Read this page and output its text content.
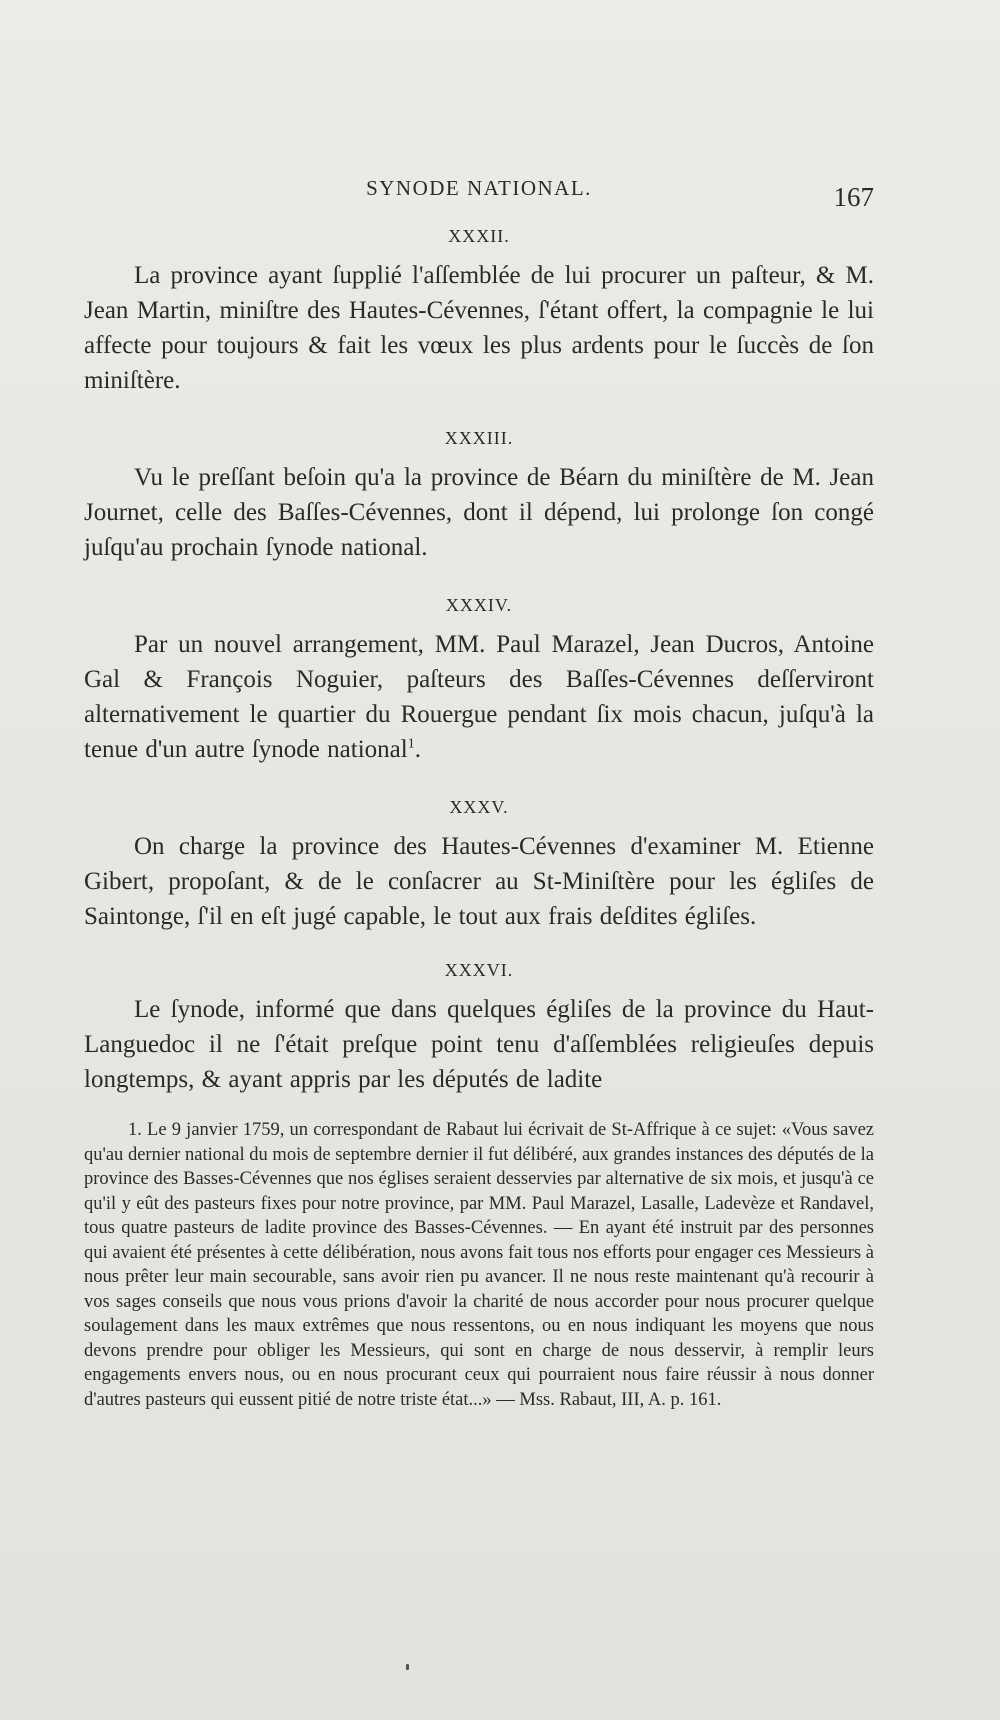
SYNODE NATIONAL.	167
XXXII.

La province ayant ſupplié l'aſſemblée de lui procurer un paſteur, & M. Jean Martin, miniſtre des Hautes-Cévennes, ſ'étant offert, la compagnie le lui affecte pour toujours & fait les vœux les plus ardents pour le ſuccès de ſon miniſtère.

XXXIII.

Vu le preſſant beſoin qu'a la province de Béarn du miniſtère de M. Jean Journet, celle des Baſſes-Cévennes, dont il dépend, lui prolonge ſon congé juſqu'au prochain ſynode national.

XXXIV.

Par un nouvel arrangement, MM. Paul Marazel, Jean Ducros, Antoine Gal & François Noguier, paſteurs des Baſſes-Cévennes deſſerviront alternativement le quartier du Rouergue pendant ſix mois chacun, juſqu'à la tenue d'un autre ſynode national$^1$.

XXXV.

On charge la province des Hautes-Cévennes d'examiner M. Etienne Gibert, propoſant, & de le conſacrer au St-Miniſtère pour les égliſes de Saintonge, ſ'il en eſt jugé capable, le tout aux frais deſdites égliſes.

XXXVI.

Le ſynode, informé que dans quelques égliſes de la province du Haut-Languedoc il ne ſ'était preſque point tenu d'aſſemblées religieuſes depuis longtemps, & ayant appris par les députés de ladite

1. Le 9 janvier 1759, un correspondant de Rabaut lui écrivait de St-Affrique à ce sujet: «Vous savez qu'au dernier national du mois de septembre dernier il fut délibéré, aux grandes instances des députés de la province des Basses-Cévennes que nos églises seraient desservies par alternative de six mois, et jusqu'à ce qu'il y eût des pasteurs fixes pour notre province, par MM. Paul Marazel, Lasalle, Ladevèze et Randavel, tous quatre pasteurs de ladite province des Basses-Cévennes. — En ayant été instruit par des personnes qui avaient été présentes à cette délibération, nous avons fait tous nos efforts pour engager ces Messieurs à nous prêter leur main secourable, sans avoir rien pu avancer. Il ne nous reste maintenant qu'à recourir à vos sages conseils que nous vous prions d'avoir la charité de nous accorder pour nous procurer quelque soulagement dans les maux extrêmes que nous ressentons, ou en nous indiquant les moyens que nous devons prendre pour obliger les Messieurs, qui sont en charge de nous desservir, à remplir leurs engagements envers nous, ou en nous procurant ceux qui pourraient nous faire réussir à nous donner d'autres pasteurs qui eussent pitié de notre triste état...» — Mss. Rabaut, III, A. p. 161.
